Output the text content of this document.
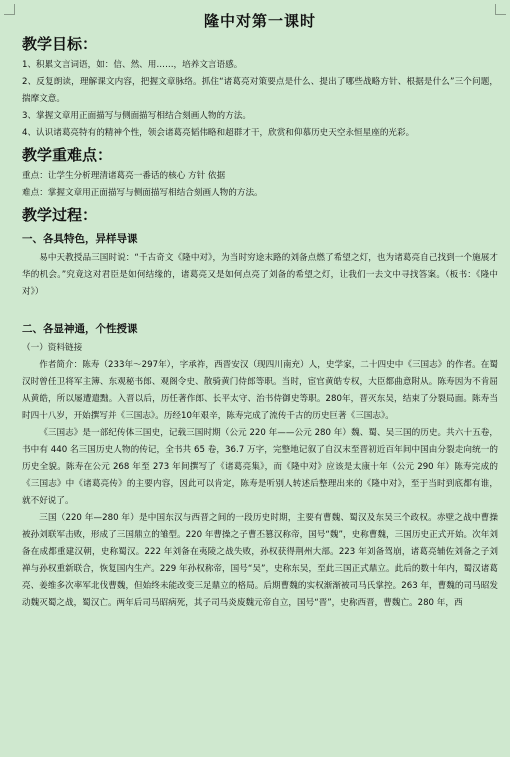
隆中对第一课时
教学目标：

1、积累文言词语，如：信、然、用……，培养文言语感。

2、反复朗读，理解课文内容，把握文章脉络。抓住“诸葛亮对策要点是什么、提出了哪些战略方针、根据是什么”三个问题，揣摩文意。

3、掌握文章用正面描写与侧面描写相结合刻画人物的方法。

4、认识诸葛亮特有的精神个性，领会诸葛亮韬伟略和超群才干，欣赏和仰慕历史天空永恒星座的光彩。

教学重难点：

重点：让学生分析理清诸葛亮一番话的核心 方针 依据

难点：掌握文章用正面描写与侧面描写相结合刻画人物的方法。

教学过程：
一、各具特色，异样导课

易中天教授品三国时说：“千古奇文《隆中对》，为当时穷途末路的刘备点燃了希望之灯，也为诸葛亮自己找到一个施展才华的机会。”究竟这对君臣是如何结缘的，诸葛亮又是如何点亮了刘备的希望之灯，让我们一去文中寻找答案。（板书：《隆中对》）

二、各显神通，个性授课

（一）资料链接

作者简介：陈寿（233年～297年），字承祚，西晋安汉（现四川南充）人，史学家，二十四史中《三国志》的作者。在蜀汉时曾任卫将军主簿、东观秘书郎、观阁令史、散骑黄门侍郎等职。当时，宦官黄皓专权，大臣都曲意附从。陈寿因为不肯屈从黄皓，所以屡遭遣黜。入晋以后，历任著作郎、长平太守、治书侍御史等职。280年，晋灭东吴，结束了分裂局面。陈寿当时四十八岁，开始撰写并《三国志》。历经10年艰辛，陈寿完成了流传千古的历史巨著《三国志》。

《三国志》是一部纪传体三国史，记载三国时期（公元 220 年——公元 280 年）魏、蜀、吴三国的历史。共六十五卷，书中有 440 名三国历史人物的传记，全书共 65 卷，36.7 万字，完整地记叙了自汉末至晋初近百年间中国由分裂走向统一的历史全貌。陈寿在公元 268 年至 273 年间撰写了《诸葛亮集》，而《隆中对》应该是太康十年（公元 290 年）陈寿完成的《三国志》中《诸葛亮传》的主要内容，因此可以肯定，陈寿是听别人转述后整理出来的《隆中对》，至于当时到底都有谁，就不好说了。

三国（220 年—280 年）是中国东汉与西晋之间的一段历史时期，主要有曹魏、蜀汉及东吴三个政权。赤壁之战中曹操被孙刘联军击败，形成了三国鼎立的雏型。220 年曹操之子曹丕篡汉称帝，国号“魏”，史称曹魏，三国历史正式开始。次年刘备在成都重建汉朝，史称蜀汉。222 年刘备在夷陵之战失败，孙权获得荆州大部。223 年刘备驾崩，诸葛亮辅佐刘备之子刘禅与孙权重新联合，恢复国内生产。229 年孙权称帝，国号“吴”，史称东吴，至此三国正式鼎立。此后的数十年内，蜀汉诸葛亮、姜维多次率军北伐曹魏，但始终未能改变三足鼎立的格局。后期曹魏的实权渐渐被司马氏掌控。263 年，曹魏的司马昭发动魏灭蜀之战，蜀汉亡。两年后司马昭病死，其子司马炎废魏元帝自立，国号“晋”，史称西晋，曹魏亡。280 年，西
